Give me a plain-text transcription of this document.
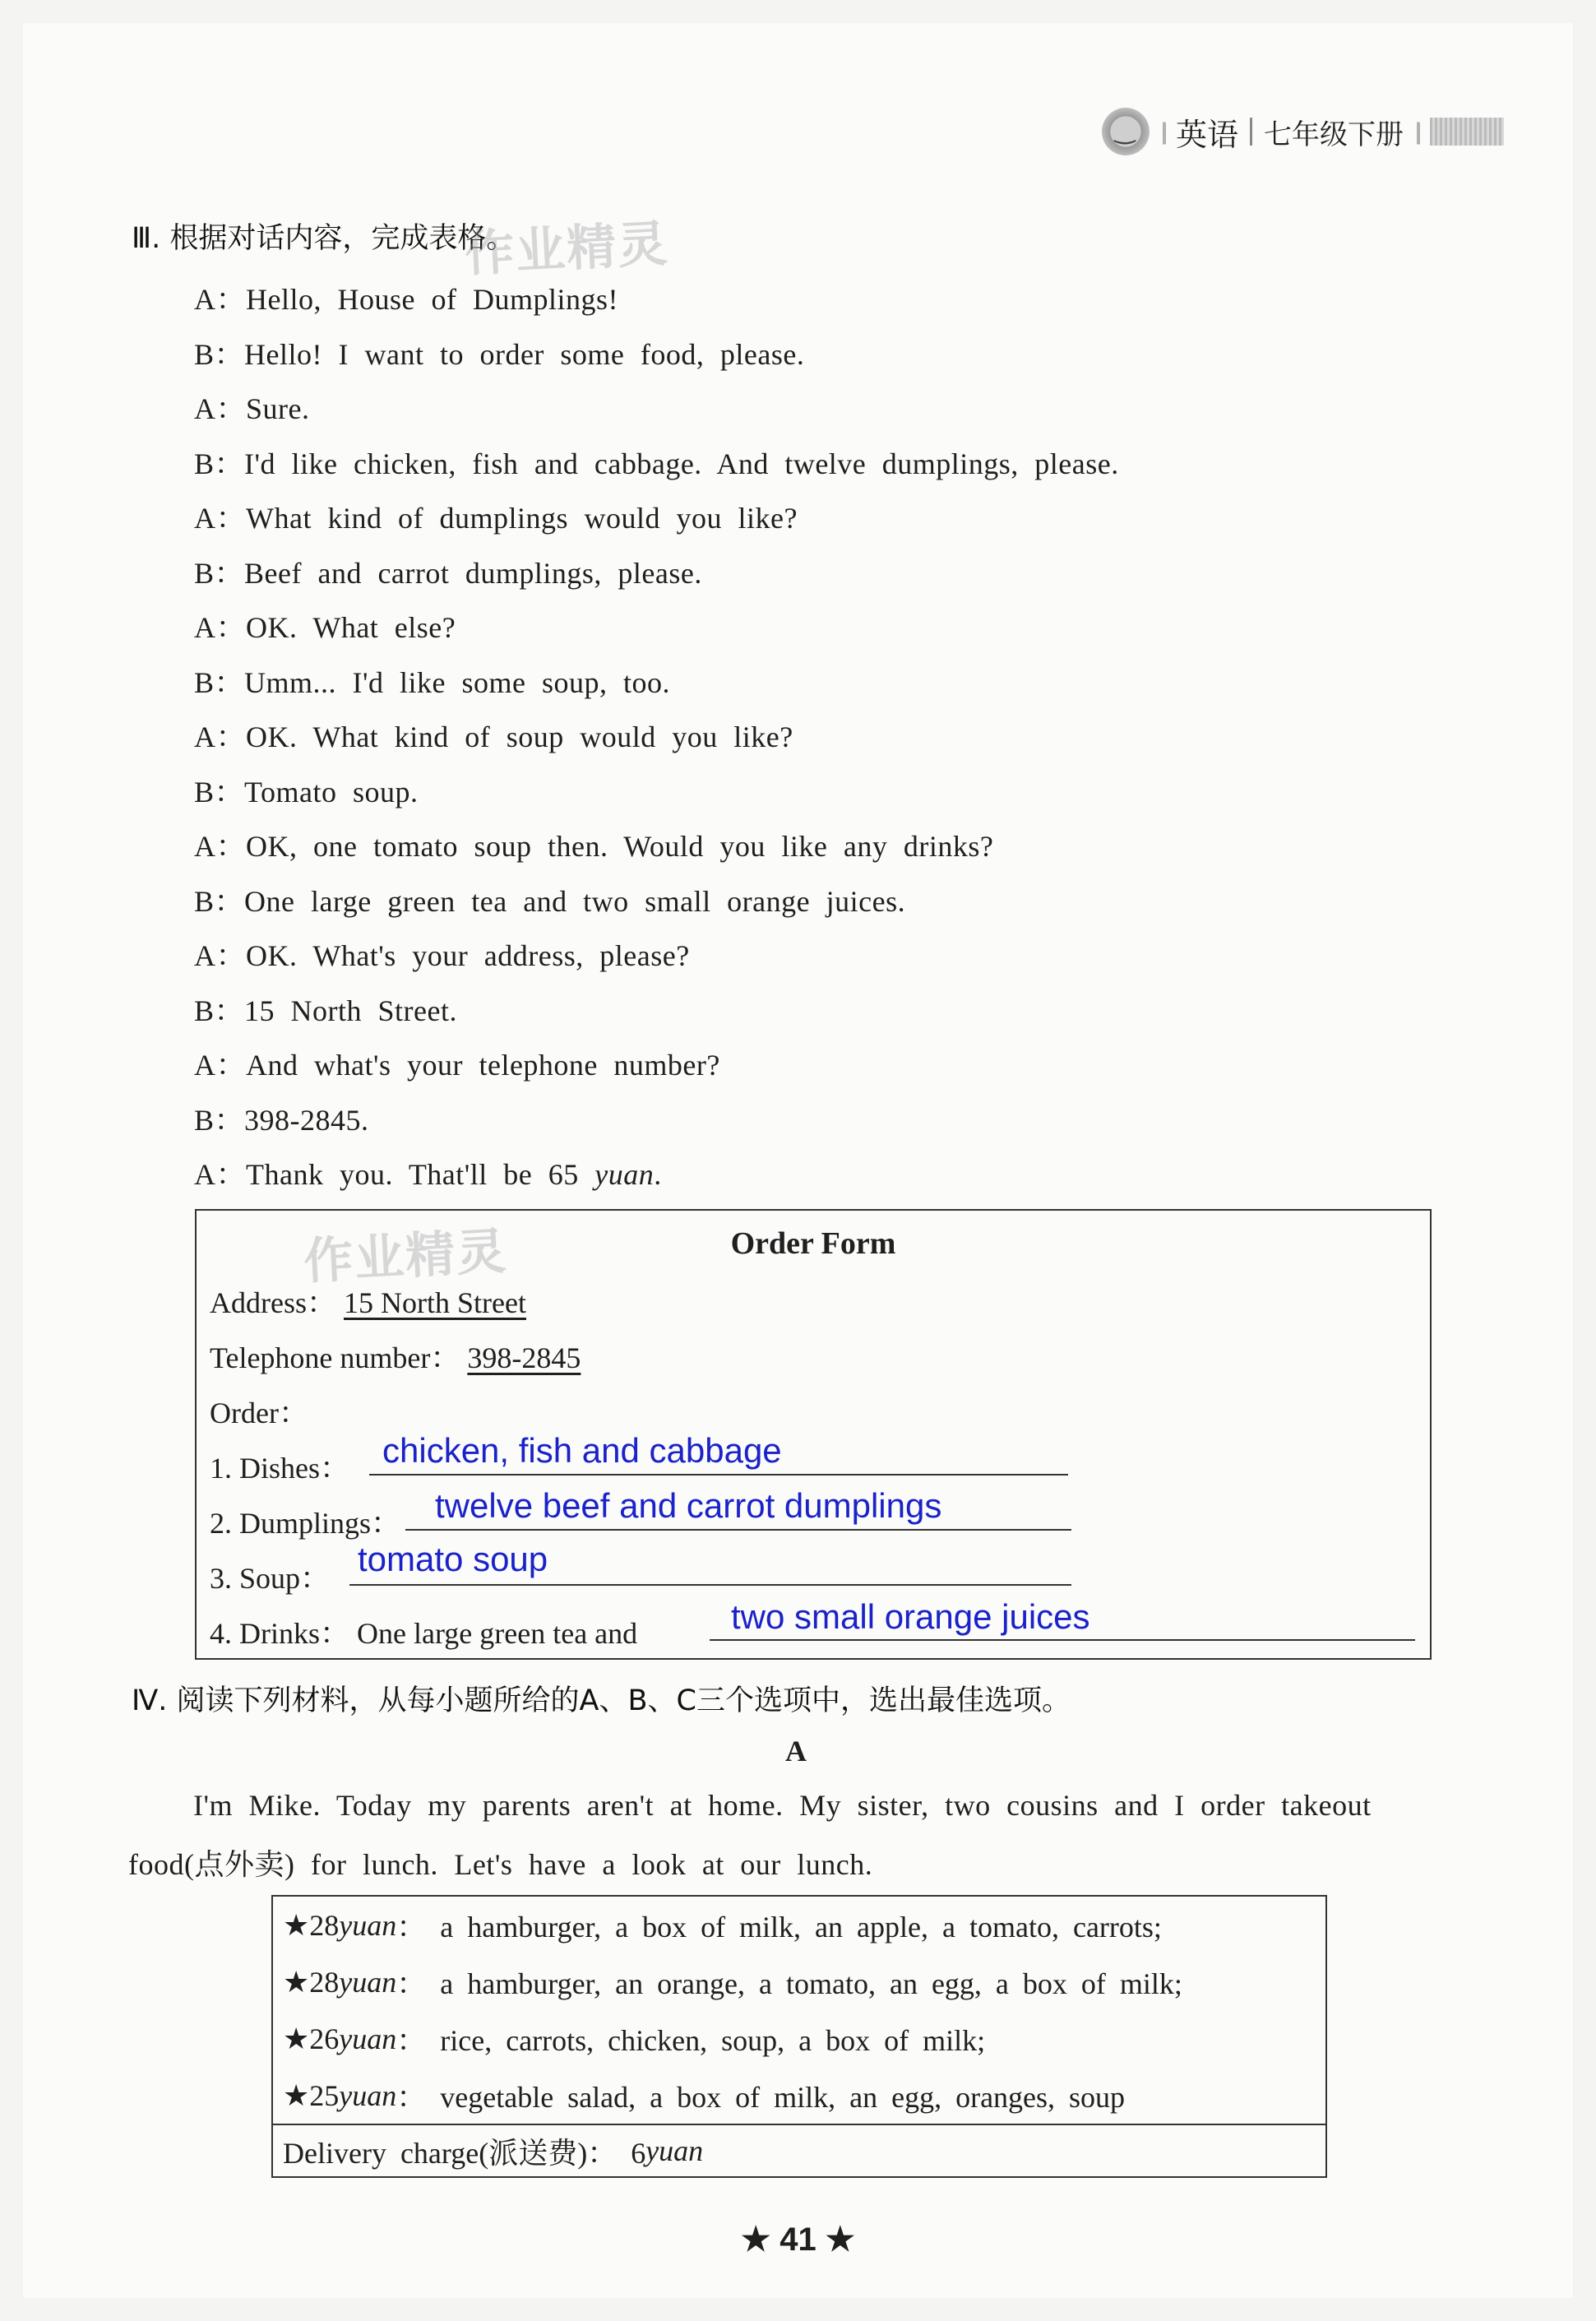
‿
|| 英语 七年级下册 ||
Ⅲ. 根据对话内容，完成表格。
作业精灵
A：Hello, House of Dumplings!
B：Hello! I want to order some food, please.
A：Sure.
B：I'd like chicken, fish and cabbage. And twelve dumplings, please.
A：What kind of dumplings would you like?
B：Beef and carrot dumplings, please.
A：OK. What else?
B：Umm... I'd like some soup, too.
A：OK. What kind of soup would you like?
B：Tomato soup.
A：OK, one tomato soup then. Would you like any drinks?
B：One large green tea and two small orange juices.
A：OK. What's your address, please?
B：15 North Street.
A：And what's your telephone number?
B：398-2845.
A：Thank you. That'll be 65 yuan.
作业精灵	Order Form
Address： 15 North Street
Telephone number： 398-2845
Order：
1. Dishes： chicken, fish and cabbage
2. Dumplings： twelve beef and carrot dumplings
3. Soup： tomato soup
4. Drinks： One large green tea and	two small orange juices
Ⅳ. 阅读下列材料，从每小题所给的A、B、C三个选项中，选出最佳选项。
A
I'm Mike. Today my parents aren't at home. My sister, two cousins and I order takeout
food(点外卖) for lunch. Let's have a look at our lunch.
★28 yuan ： a hamburger, a box of milk, an apple, a tomato, carrots;
★28 yuan ： a hamburger, an orange, a tomato, an egg, a box of milk;
★26 yuan ： rice, carrots, chicken, soup, a box of milk;
★25 yuan ： vegetable salad, a box of milk, an egg, oranges, soup
Delivery charge(派送费)： 6 yuan
★ 41 ★
